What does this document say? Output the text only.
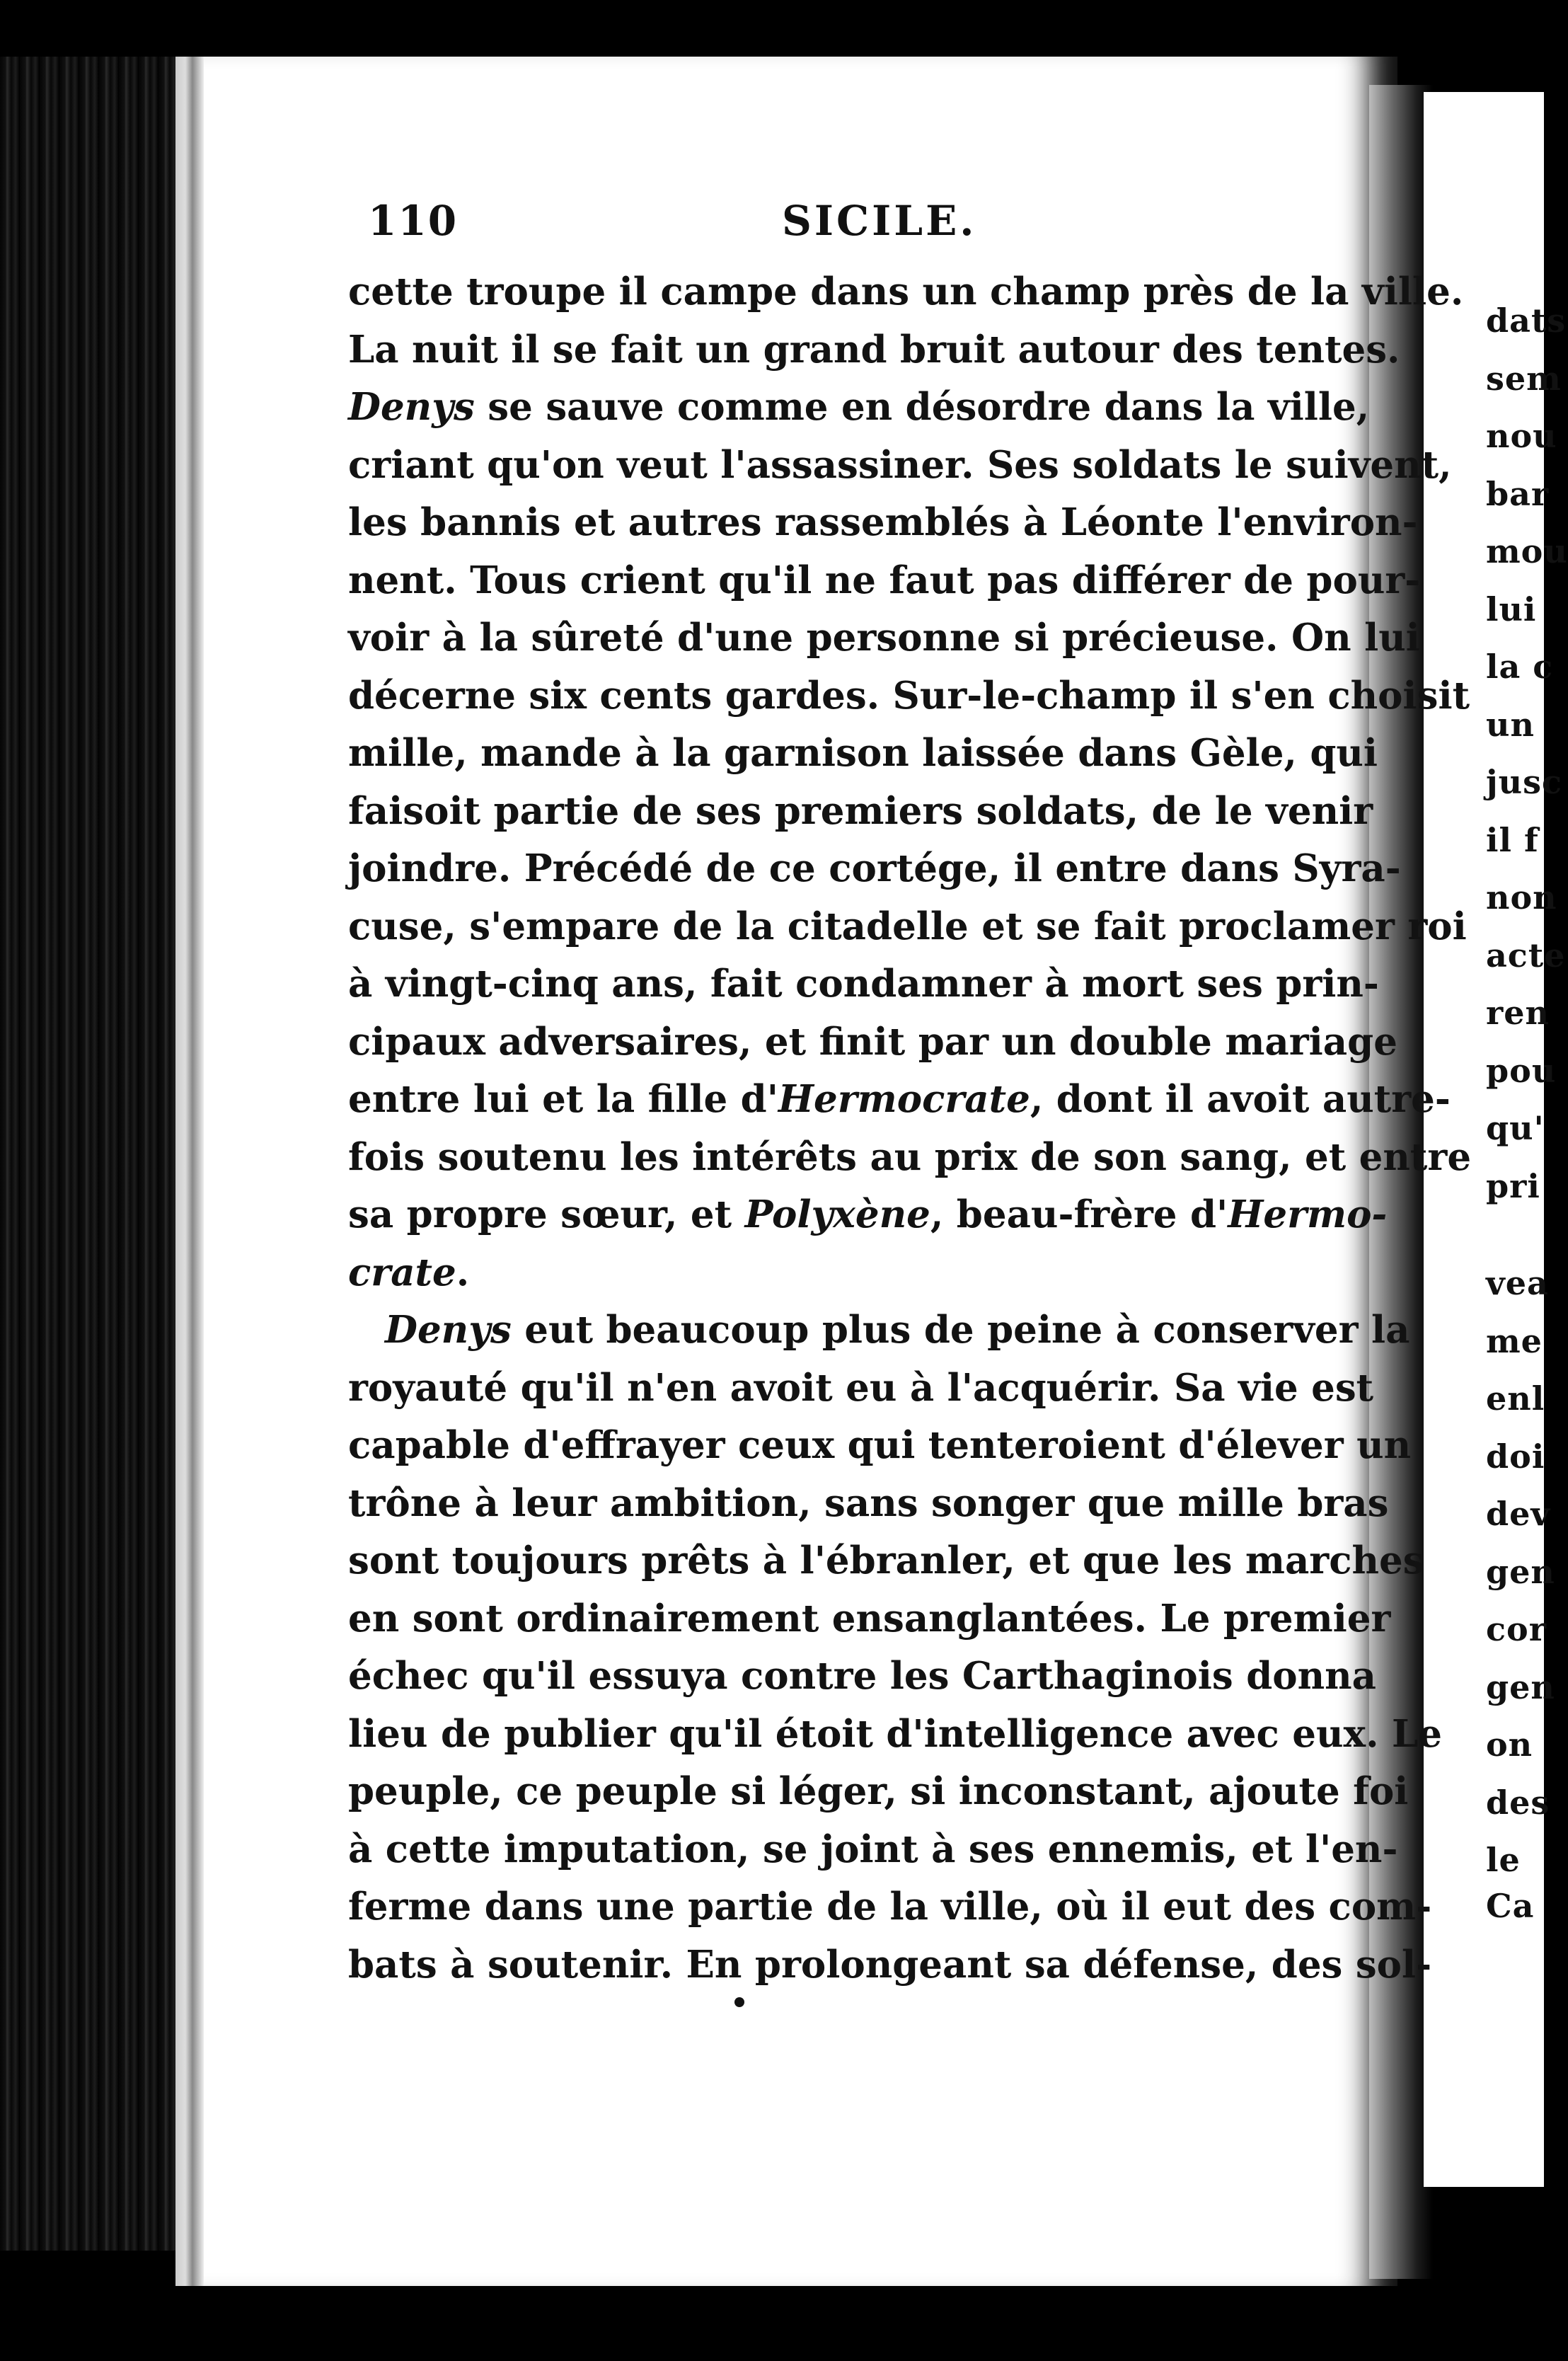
110	SICILE.
cette troupe il campe dans un champ près de la ville.
La nuit il se fait un grand bruit autour des tentes.
Denys se sauve comme en désordre dans la ville,
criant qu'on veut l'assassiner. Ses soldats le suivent,
les bannis et autres rassemblés à Léonte l'environ-
nent. Tous crient qu'il ne faut pas différer de pour-
voir à la sûreté d'une personne si précieuse. On lui
décerne six cents gardes. Sur-le-champ il s'en choisit
mille, mande à la garnison laissée dans Gèle, qui
faisoit partie de ses premiers soldats, de le venir
joindre. Précédé de ce cortége, il entre dans Syra-
cuse, s'empare de la citadelle et se fait proclamer roi
à vingt-cinq ans, fait condamner à mort ses prin-
cipaux adversaires, et finit par un double mariage
entre lui et la fille d'Hermocrate, dont il avoit autre-
fois soutenu les intérêts au prix de son sang, et entre
sa propre sœur, et Polyxène, beau-frère d'Hermo-
crate.
Denys eut beaucoup plus de peine à conserver la
royauté qu'il n'en avoit eu à l'acquérir. Sa vie est
capable d'effrayer ceux qui tenteroient d'élever un
trône à leur ambition, sans songer que mille bras
sont toujours prêts à l'ébranler, et que les marches
en sont ordinairement ensanglantées. Le premier
échec qu'il essuya contre les Carthaginois donna
lieu de publier qu'il étoit d'intelligence avec eux. Le
peuple, ce peuple si léger, si inconstant, ajoute foi
à cette imputation, se joint à ses ennemis, et l'en-
ferme dans une partie de la ville, où il eut des com-
bats à soutenir. En prolongeant sa défense, des sol-
dats
sem
nou
bar
mou
lui
la c
un
jusc
il f
non
acte
ren
pou
qu'
pri
vea
me
enl
doi
dev
gen
cor
gen
on
des
le
Ca
